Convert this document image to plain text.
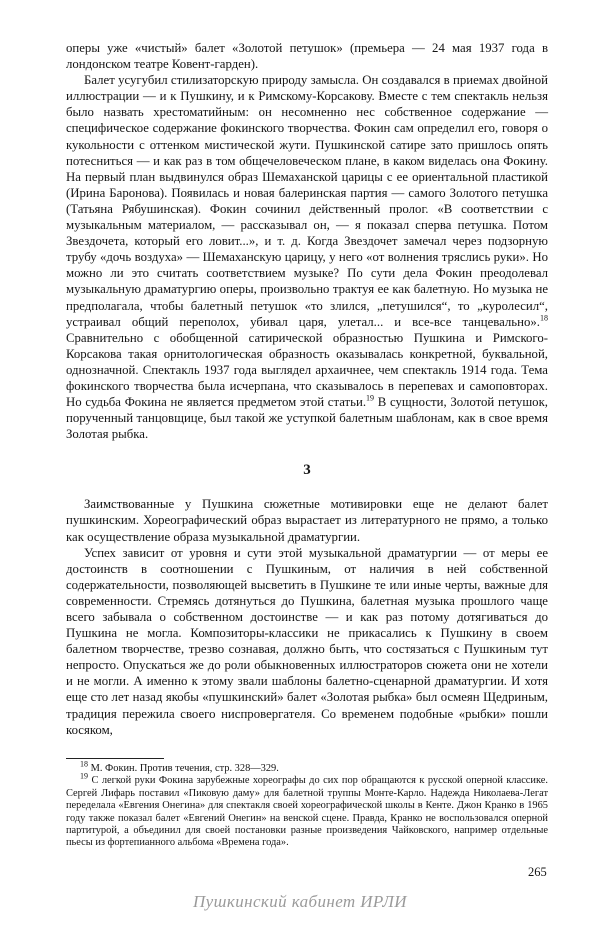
оперы уже «чистый» балет «Золотой петушок» (премьера — 24 мая 1937 года в лондонском театре Ковент-гарден).

Балет усугубил стилизаторскую природу замысла. Он создавался в приемах двойной иллюстрации — и к Пушкину, и к Римскому-Корсакову. Вместе с тем спектакль нельзя было назвать хрестоматийным: он несомненно нес собственное содержание — специфическое содержание фокинского творчества. Фокин сам определил его, говоря о кукольности с оттенком мистической жути. Пушкинской сатире зато пришлось опять потесниться — и как раз в том общечеловеческом плане, в каком виделась она Фокину. На первый план выдвинулся образ Шемаханской царицы с ее ориентальной пластикой (Ирина Баронова). Появилась и новая балеринская партия — самого Золотого петушка (Татьяна Рябушинская). Фокин сочинил действенный пролог. «В соответствии с музыкальным материалом, — рассказывал он, — я показал сперва петушка. Потом Звездочета, который его ловит...», и т. д. Когда Звездочет замечал через подзорную трубу «дочь воздуха» — Шемаханскую царицу, у него «от волнения тряслись руки». Но можно ли это считать соответствием музыке? По сути дела Фокин преодолевал музыкальную драматургию оперы, произвольно трактуя ее как балетную. Но музыка не предполагала, чтобы балетный петушок «то злился, „петушился“, то „куролесил“, устраивал общий переполох, убивал царя, улетал... и все-все танцевально».$^{18}$ Сравнительно с обобщенной сатирической образностью Пушкина и Римского-Корсакова такая орнитологическая образность оказывалась конкретной, буквальной, однозначной. Спектакль 1937 года выглядел архаичнее, чем спектакль 1914 года. Тема фокинского творчества была исчерпана, что сказывалось в перепевах и самоповторах. Но судьба Фокина не является предметом этой статьи.$^{19}$ В сущности, Золотой петушок, порученный танцовщице, был такой же уступкой балетным шаблонам, как в свое время Золотая рыбка.

3

Заимствованные у Пушкина сюжетные мотивировки еще не делают балет пушкинским. Хореографический образ вырастает из литературного не прямо, а только как осуществление образа музыкальной драматургии.

Успех зависит от уровня и сути этой музыкальной драматургии — от меры ее достоинств в соотношении с Пушкиным, от наличия в ней собственной содержательности, позволяющей высветить в Пушкине те или иные черты, важные для современности. Стремясь дотянуться до Пушкина, балетная музыка прошлого чаще всего забывала о собственном достоинстве — и как раз потому дотягиваться до Пушкина не могла. Композиторы-классики не прикасались к Пушкину в своем балетном творчестве, трезво сознавая, должно быть, что состязаться с Пушкиным тут непросто. Опускаться же до роли обыкновенных иллюстраторов сюжета они не хотели и не могли. А именно к этому звали шаблоны балетно-сценарной драматургии. И хотя еще сто лет назад якобы «пушкинский» балет «Золотая рыбка» был осмеян Щедриным, традиция пережила своего ниспровергателя. Со временем подобные «рыбки» пошли косяком,

$^{18}$ М. Фокин. Против течения, стр. 328—329.

$^{19}$ С легкой руки Фокина зарубежные хореографы до сих пор обращаются к русской оперной классике. Сергей Лифарь поставил «Пиковую даму» для балетной труппы Монте-Карло. Надежда Николаева-Легат переделала «Евгения Онегина» для спектакля своей хореографической школы в Кенте. Джон Кранко в 1965 году также показал балет «Евгений Онегин» на венской сцене. Правда, Кранко не воспользовался оперной партитурой, а объединил для своей постановки разные произведения Чайковского, например отдельные пьесы из фортепианного альбома «Времена года».

265
Пушкинский кабинет ИРЛИ
